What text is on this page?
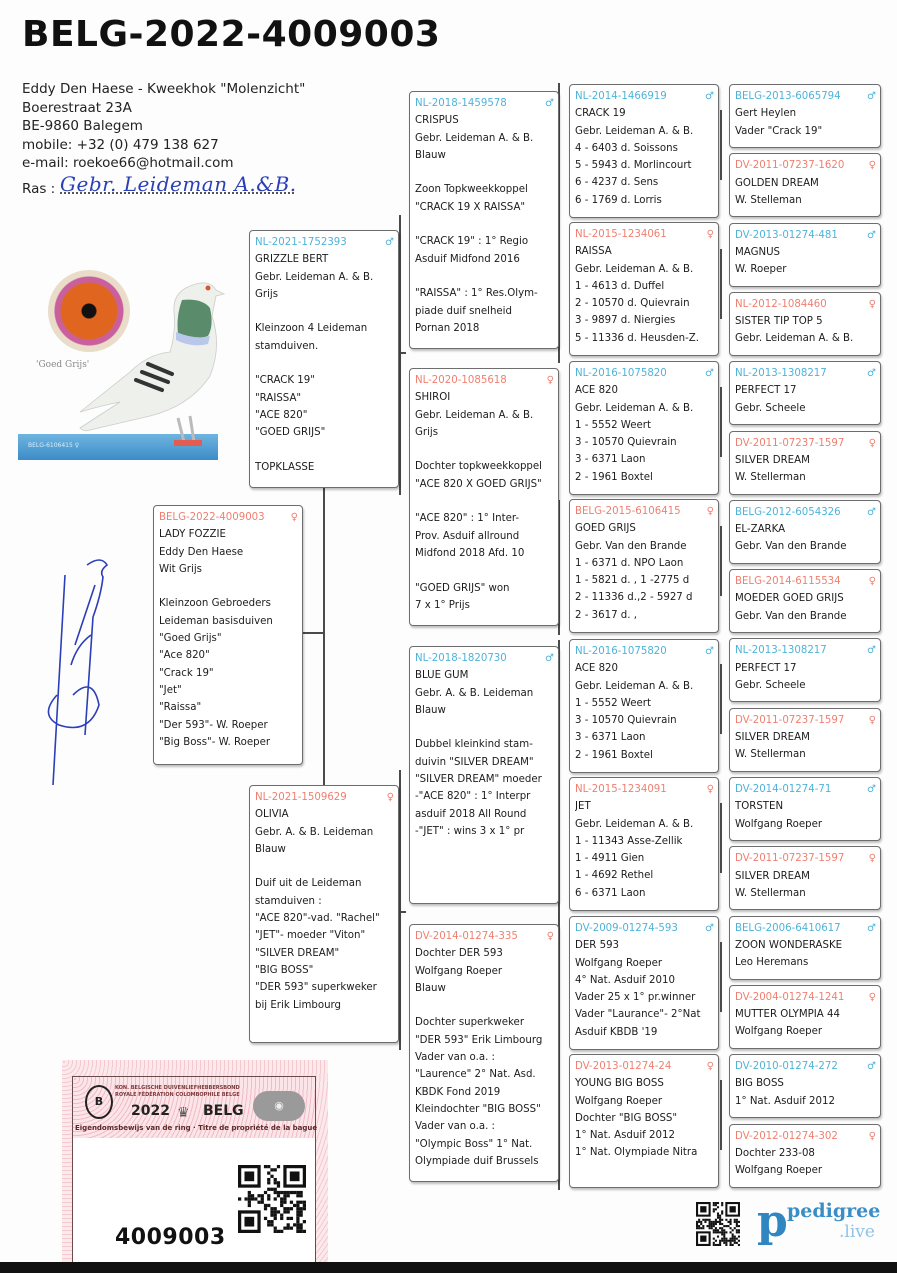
BELG-2022-4009003
Eddy Den Haese - Kweekhok "Molenzicht"
Boerestraat 23A
BE-9860 Balegem
mobile: +32 (0) 479 138 627
e-mail: roekoe66@hotmail.com
Ras : Gebr. Leideman A.&B.
'Goed Grijs'
BELG-6106415 ♀
BELG-2022-4009003	♀
LADY FOZZIE
Eddy Den Haese
Wit Grijs
Kleinzoon Gebroeders
Leideman basisduiven
"Goed Grijs"
"Ace 820"
"Crack 19"
"Jet"
"Raissa"
"Der 593"- W. Roeper
"Big Boss"- W. Roeper
NL-2021-1752393	♂
GRIZZLE BERT
Gebr. Leideman A. & B.
Grijs
Kleinzoon 4 Leideman
stamduiven.
"CRACK 19"
"RAISSA"
"ACE 820"
"GOED GRIJS"
TOPKLASSE
NL-2021-1509629	♀
OLIVIA
Gebr. A. & B. Leideman
Blauw
Duif uit de Leideman
stamduiven :
"ACE 820"-vad. "Rachel"
"JET"- moeder "Viton"
"SILVER DREAM"
"BIG BOSS"
"DER 593" superkweker
bij Erik Limbourg
NL-2018-1459578	♂
CRISPUS
Gebr. Leideman A. & B.
Blauw
Zoon Topkweekkoppel
"CRACK 19 X RAISSA"
"CRACK 19" : 1° Regio
Asduif Midfond 2016
"RAISSA" : 1° Res.Olym-
piade duif snelheid
Pornan 2018
NL-2020-1085618	♀
SHIROI
Gebr. Leideman A. & B.
Grijs
Dochter topkweekkoppel
"ACE 820 X GOED GRIJS"
"ACE 820" : 1° Inter-
Prov. Asduif allround
Midfond 2018 Afd. 10
"GOED GRIJS" won
7 x 1° Prijs
NL-2018-1820730	♂
BLUE GUM
Gebr. A. & B. Leideman
Blauw
Dubbel kleinkind stam-
duivin "SILVER DREAM"
"SILVER DREAM" moeder
-"ACE 820" : 1° Interpr
asduif 2018 All Round
-"JET" : wins 3 x 1° pr
DV-2014-01274-335	♀
Dochter DER 593
Wolfgang Roeper
Blauw
Dochter superkweker
"DER 593" Erik Limbourg
Vader van o.a. :
"Laurence" 2° Nat. Asd.
KBDK Fond 2019
Kleindochter "BIG BOSS"
Vader van o.a. :
"Olympic Boss" 1° Nat.
Olympiade duif Brussels
NL-2014-1466919	♂
CRACK 19
Gebr. Leideman A. & B.
4 - 6403 d. Soissons
5 - 5943 d. Morlincourt
6 - 4237 d. Sens
6 - 1769 d. Lorris
NL-2015-1234061	♀
RAISSA
Gebr. Leideman A. & B.
1 - 4613 d. Duffel
2 - 10570 d. Quievrain
3 - 9897 d. Niergies
5 - 11336 d. Heusden-Z.
NL-2016-1075820	♂
ACE 820
Gebr. Leideman A. & B.
1 - 5552 Weert
3 - 10570 Quievrain
3 - 6371 Laon
2 - 1961 Boxtel
BELG-2015-6106415	♀
GOED GRIJS
Gebr. Van den Brande
1 - 6371 d. NPO Laon
1 - 5821 d. , 1 -2775 d
2 - 11336 d.,2 - 5927 d
2 - 3617 d. ,
NL-2016-1075820	♂
ACE 820
Gebr. Leideman A. & B.
1 - 5552 Weert
3 - 10570 Quievrain
3 - 6371 Laon
2 - 1961 Boxtel
NL-2015-1234091	♀
JET
Gebr. Leideman A. & B.
1 - 11343 Asse-Zellik
1 - 4911 Gien
1 - 4692 Rethel
6 - 6371 Laon
DV-2009-01274-593	♂
DER 593
Wolfgang Roeper
4° Nat. Asduif 2010
Vader 25 x 1° pr.winner
Vader "Laurance"- 2°Nat
Asduif KBDB '19
DV-2013-01274-24	♀
YOUNG BIG BOSS
Wolfgang Roeper
Dochter "BIG BOSS"
1° Nat. Asduif 2012
1° Nat. Olympiade Nitra
BELG-2013-6065794	♂
Gert Heylen
Vader "Crack 19"
DV-2011-07237-1620 ♀
GOLDEN DREAM
W. Stelleman
DV-2013-01274-481	♂
MAGNUS
W. Roeper
NL-2012-1084460	♀
SISTER TIP TOP 5
Gebr. Leideman A. & B.
NL-2013-1308217	♂
PERFECT 17
Gebr. Scheele
DV-2011-07237-1597 ♀
SILVER DREAM
W. Stellerman
BELG-2012-6054326	♂
EL-ZARKA
Gebr. Van den Brande
BELG-2014-6115534	♀
MOEDER GOED GRIJS
Gebr. Van den Brande
NL-2013-1308217	♂
PERFECT 17
Gebr. Scheele
DV-2011-07237-1597 ♀
SILVER DREAM
W. Stellerman
DV-2014-01274-71	♂
TORSTEN
Wolfgang Roeper
DV-2011-07237-1597 ♀
SILVER DREAM
W. Stellerman
BELG-2006-6410617	♂
ZOON WONDERASKE
Leo Heremans
DV-2004-01274-1241 ♀
MUTTER OLYMPIA 44
Wolfgang Roeper
DV-2010-01274-272	♂
BIG BOSS
1° Nat. Asduif 2012
DV-2012-01274-302	♀
Dochter 233-08
Wolfgang Roeper
B
KON. BELGISCHE DUIVENLIEFHEBBERSBOND
ROYALE FÉDÉRATION COLOMBOPHILE BELGE
2022 ♛ BELG	◉
Eigendomsbewijs van de ring · Titre de propriété de la bague
4009003	p pedigree
.live
